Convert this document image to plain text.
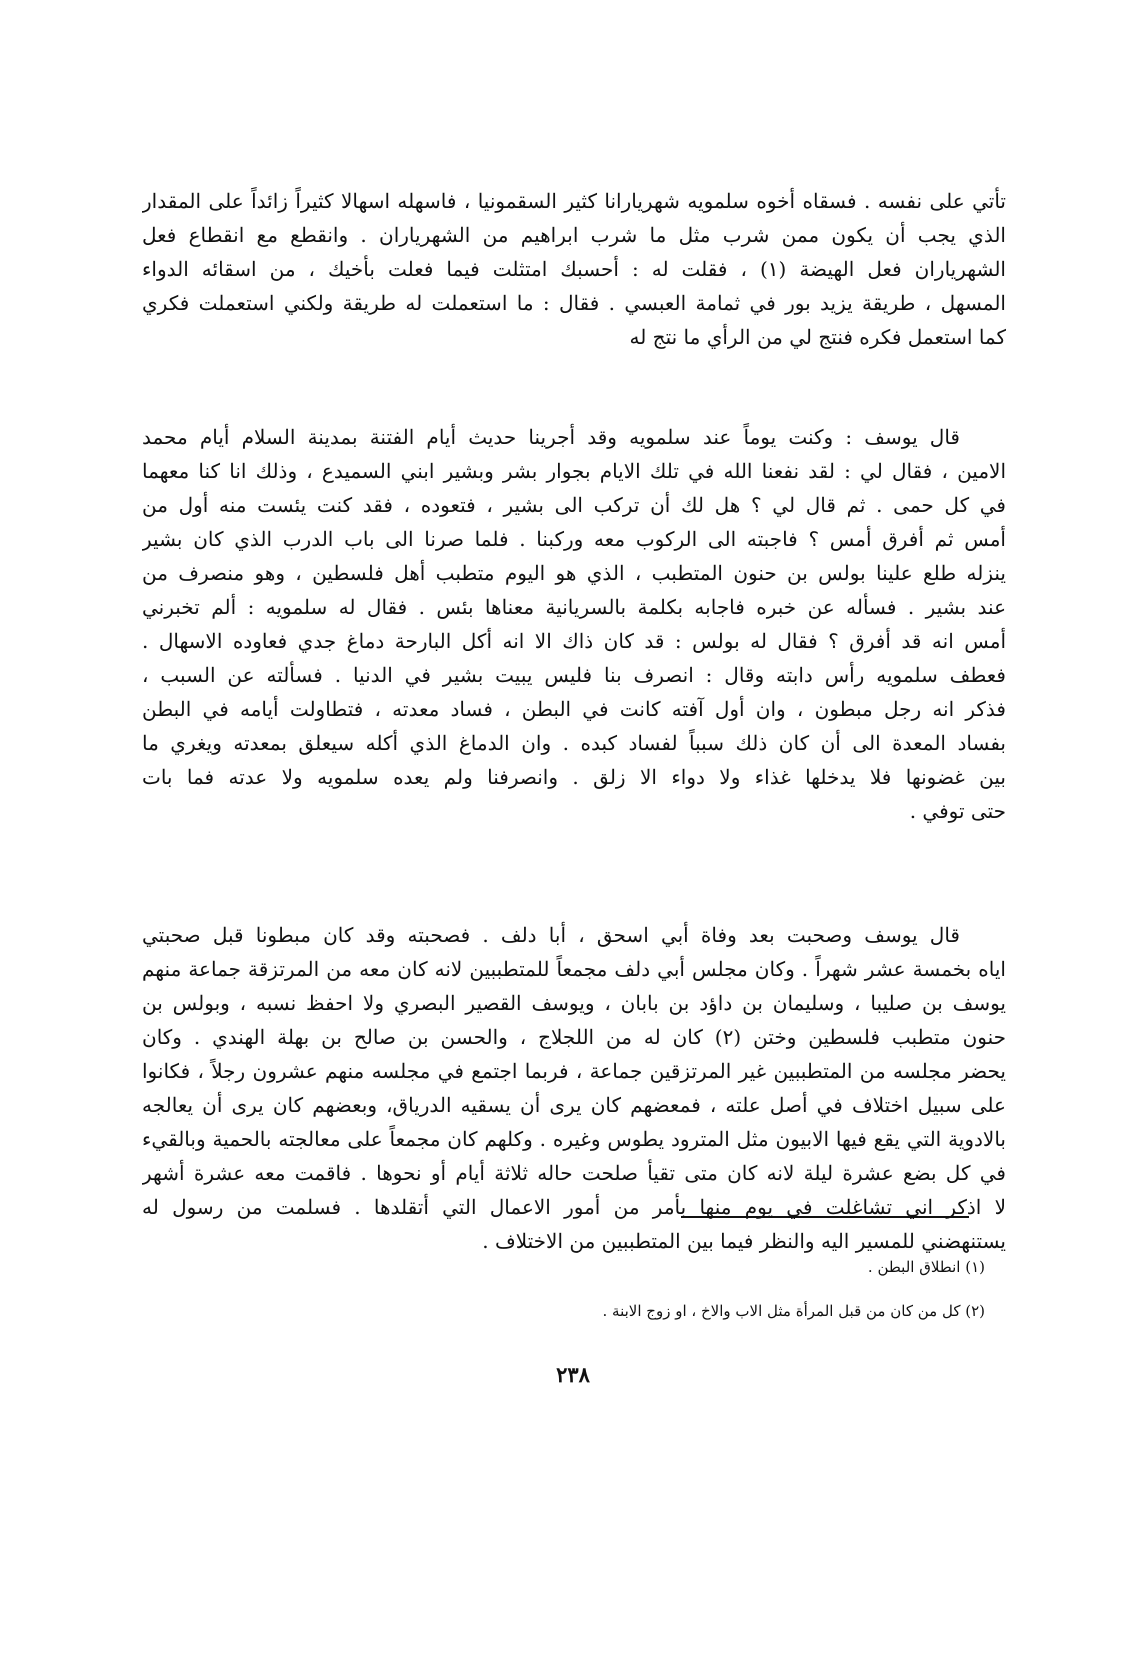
تأتي على نفسه . فسقاه أخوه سلمويه شهريارانا كثير السقمونيا ، فاسهله اسهالا كثيراً زائداً على المقدار
الذي يجب أن يكون ممن شرب مثل ما شرب ابراهيم من الشهرياران . وانقطع مع انقطاع فعل
الشهرياران فعل الهيضة (١) ، فقلت له : أحسبك امتثلت فيما فعلت بأخيك ، من اسقائه الدواء
المسهل ، طريقة يزيد بور في ثمامة العبسي . فقال : ما استعملت له طريقة ولكني استعملت فكري
كما استعمل فكره فنتج لي من الرأي ما نتج له
قال يوسف : وكنت يوماً عند سلمويه وقد أجرينا حديث أيام الفتنة بمدينة السلام أيام محمد
الامين ، فقال لي : لقد نفعنا الله في تلك الايام بجوار بشر وبشير ابني السميدع ، وذلك انا كنا معهما
في كل حمى . ثم قال لي ؟ هل لك أن تركب الى بشير ، فتعوده ، فقد كنت يئست منه أول من
أمس ثم أفرق أمس ؟ فاجبته الى الركوب معه وركبنا . فلما صرنا الى باب الدرب الذي كان بشير
ينزله طلع علينا بولس بن حنون المتطبب ، الذي هو اليوم متطبب أهل فلسطين ، وهو منصرف من
عند بشير . فسأله عن خبره فاجابه بكلمة بالسريانية معناها بئس . فقال له سلمويه : ألم تخبرني
أمس انه قد أفرق ؟ فقال له بولس : قد كان ذاك الا انه أكل البارحة دماغ جدي فعاوده الاسهال .
فعطف سلمويه رأس دابته وقال : انصرف بنا فليس يبيت بشير في الدنيا . فسألته عن السبب ،
فذكر انه رجل مبطون ، وان أول آفته كانت في البطن ، فساد معدته ، فتطاولت أيامه في البطن
بفساد المعدة الى أن كان ذلك سبباً لفساد كبده . وان الدماغ الذي أكله سيعلق بمعدته ويغري ما
بين غضونها فلا يدخلها غذاء ولا دواء الا زلق . وانصرفنا ولم يعده سلمويه ولا عدته فما بات
حتى توفي .
قال يوسف وصحبت بعد وفاة أبي اسحق ، أبا دلف . فصحبته وقد كان مبطونا قبل صحبتي
اياه بخمسة عشر شهراً . وكان مجلس أبي دلف مجمعاً للمتطببين لانه كان معه من المرتزقة جماعة منهم
يوسف بن صليبا ، وسليمان بن داؤد بن بابان ، ويوسف القصير البصري ولا احفظ نسبه ، وبولس بن
حنون متطبب فلسطين وختن (٢) كان له من اللجلاج ، والحسن بن صالح بن بهلة الهندي . وكان
يحضر مجلسه من المتطببين غير المرتزقين جماعة ، فربما اجتمع في مجلسه منهم عشرون رجلاً ، فكانوا
على سبيل اختلاف في أصل علته ، فمعضهم كان يرى أن يسقيه الدرياق، وبعضهم كان يرى أن يعالجه
بالادوية التي يقع فيها الابيون مثل المترود يطوس وغيره . وكلهم كان مجمعاً على معالجته بالحمية وبالقيء
في كل بضع عشرة ليلة لانه كان متى تقيأ صلحت حاله ثلاثة أيام أو نحوها . فاقمت معه عشرة أشهر
لا اذكر اني تشاغلت في يوم منها بأمر من أمور الاعمال التي أتقلدها . فسلمت من رسول له
يستنهضني للمسير اليه والنظر فيما بين المتطببين من الاختلاف .
(١) انطلاق البطن .
(٢) كل من كان من قبل المرأة مثل الاب والاخ ، او زوج الابنة .
٢٣٨
